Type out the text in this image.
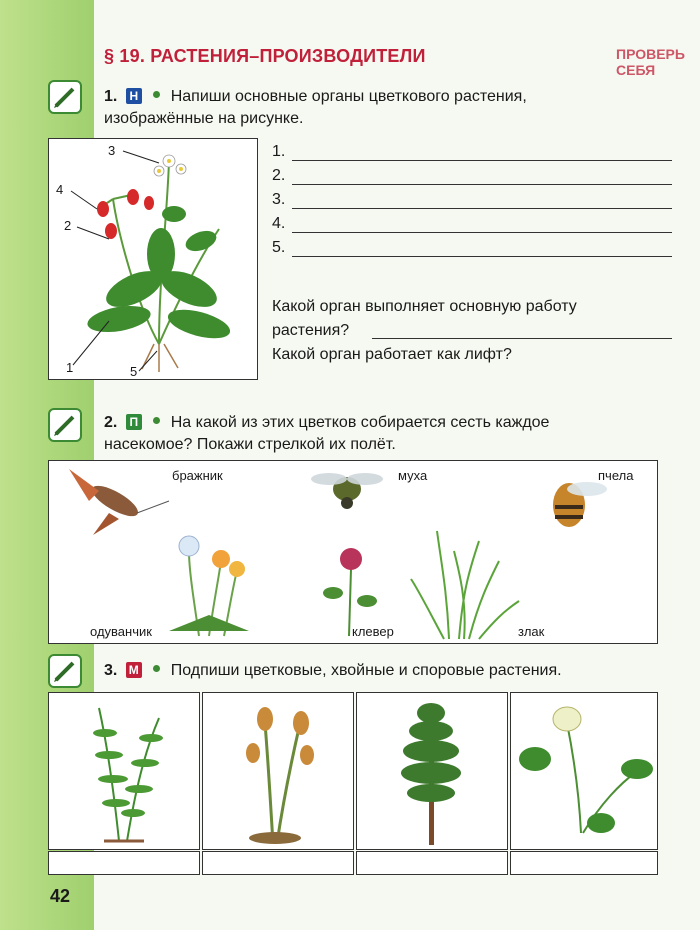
§ 19. РАСТЕНИЯ–ПРОИЗВОДИТЕЛИ	ПРОВЕРЬ СЕБЯ
1. Н Напиши основные органы цветкового растения,
изображённые на рисунке.
3
4
2
1	5
1.
2.
3.
4.
5.
Какой орган выполняет основную работу
растения?
Какой орган работает как лифт?
2. П На какой из этих цветков собирается сесть каждое
насекомое? Покажи стрелкой их полёт.
бражник	муха	пчела
одуванчик	клевер	злак
3. М Подпиши цветковые, хвойные и споровые растения.
42
